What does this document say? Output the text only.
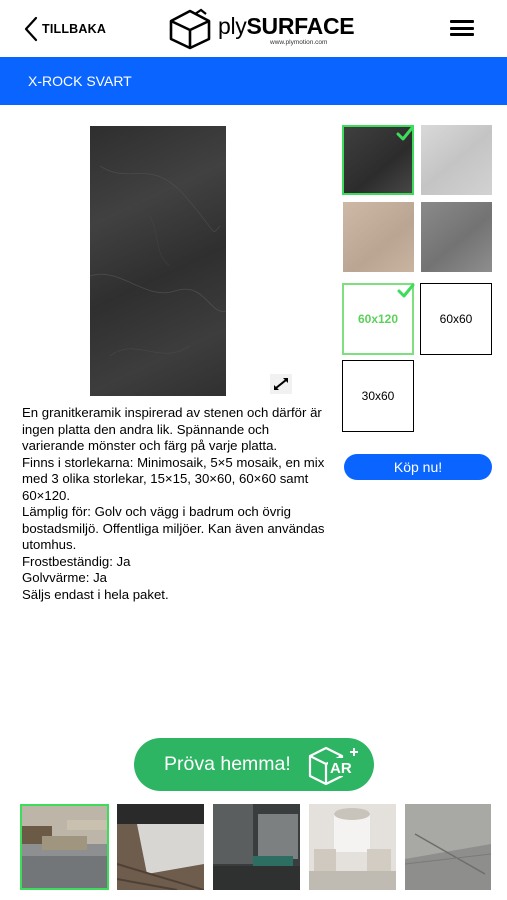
TILLBAKA	plySURFACE
www.plymotion.com
X-ROCK SVART
En granitkeramik inspirerad av stenen och därför är ingen platta den andra lik. Spännande och varierande mönster och färg på varje platta.
Finns i storlekarna: Minimosaik, 5×5 mosaik, en mix med 3 olika storlekar, 15×15, 30×60, 60×60 samt 60×120.
Lämplig för: Golv och vägg i badrum och övrig bostadsmiljö. Offentliga miljöer. Kan även användas utomhus.
Frostbeständig: Ja
Golvvärme: Ja
Säljs endast i hela paket.
60x120	60x60
30x60
Köp nu!
Pröva hemma!	AR
